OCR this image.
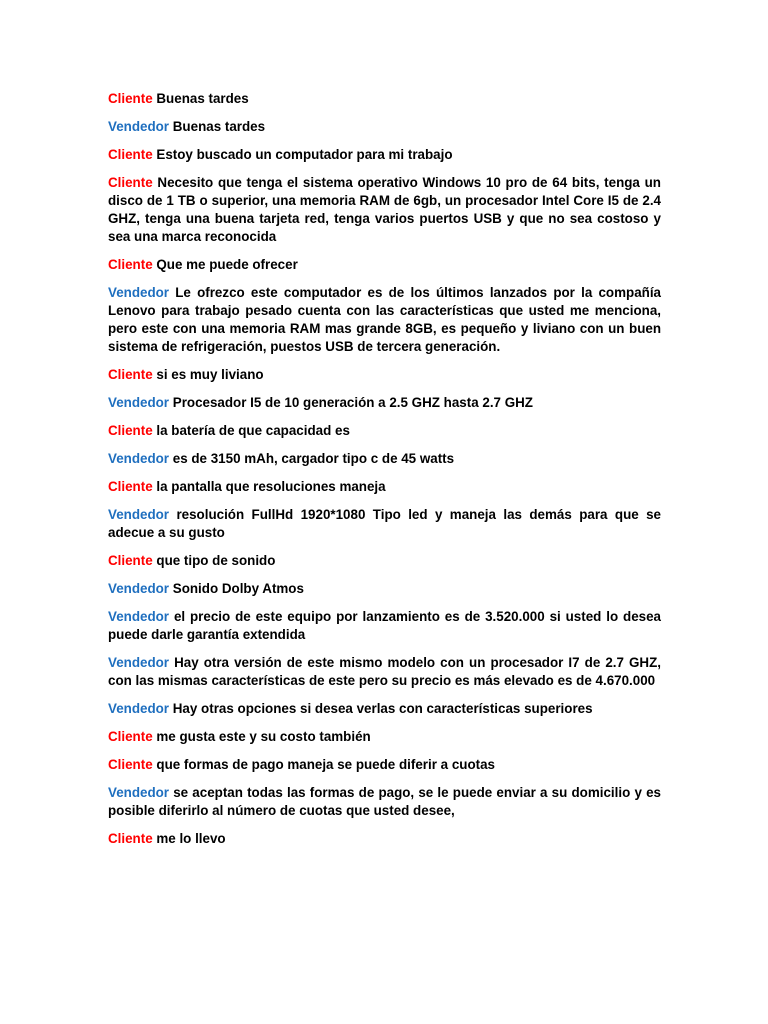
Cliente Buenas tardes

Vendedor Buenas tardes

Cliente Estoy buscado un computador para mi trabajo

Cliente Necesito que tenga el sistema operativo Windows 10 pro de 64 bits, tenga un disco de 1 TB o superior, una memoria RAM de 6gb, un procesador Intel Core I5 de 2.4 GHZ, tenga una buena tarjeta red, tenga varios puertos USB y que no sea costoso y sea una marca reconocida

Cliente Que me puede ofrecer

Vendedor Le ofrezco este computador es de los últimos lanzados por la compañía Lenovo para trabajo pesado cuenta con las características que usted me menciona, pero este con una memoria RAM mas grande 8GB, es pequeño y liviano con un buen sistema de refrigeración, puestos USB de tercera generación.

Cliente si es muy liviano

Vendedor Procesador I5 de 10 generación a 2.5 GHZ hasta 2.7 GHZ

Cliente la batería de que capacidad es

Vendedor es de 3150 mAh, cargador tipo c de 45 watts

Cliente la pantalla que resoluciones maneja

Vendedor resolución FullHd 1920*1080 Tipo led y maneja las demás para que se adecue a su gusto

Cliente que tipo de sonido

Vendedor Sonido Dolby Atmos

Vendedor el precio de este equipo por lanzamiento es de 3.520.000 si usted lo desea puede darle garantía extendida

Vendedor Hay otra versión de este mismo modelo con un procesador I7 de 2.7 GHZ, con las mismas características de este pero su precio es más elevado es de 4.670.000

Vendedor Hay otras opciones si desea verlas con características superiores

Cliente me gusta este y su costo también

Cliente que formas de pago maneja se puede diferir a cuotas

Vendedor se aceptan todas las formas de pago, se le puede enviar a su domicilio y es posible diferirlo al número de cuotas que usted desee,

Cliente me lo llevo
